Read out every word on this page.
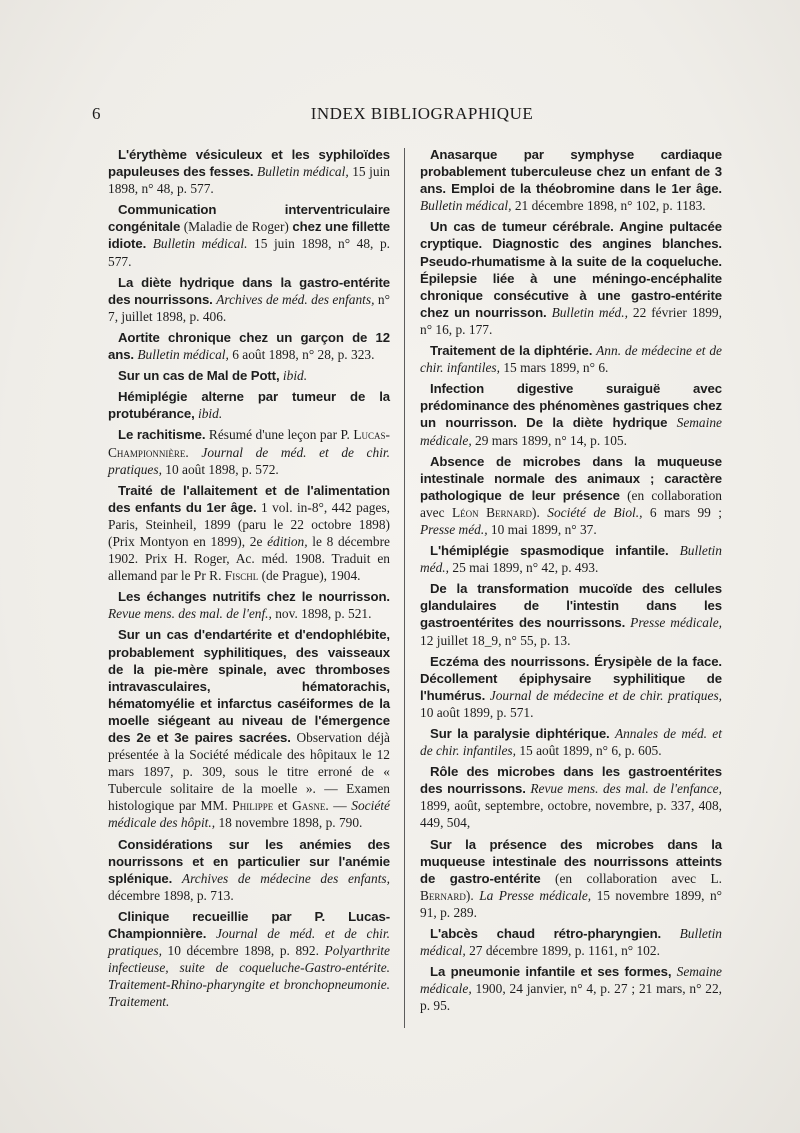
6	INDEX BIBLIOGRAPHIQUE

L'érythème vésiculeux et les syphiloïdes papuleuses des fesses. Bulletin médical, 15 juin 1898, n° 48, p. 577.

Communication interventriculaire congénitale (Maladie de Roger) chez une fillette idiote. Bulletin médical. 15 juin 1898, n° 48, p. 577.

La diète hydrique dans la gastro-entérite des nourrissons. Archives de méd. des enfants, n° 7, juillet 1898, p. 406.

Aortite chronique chez un garçon de 12 ans. Bulletin médical, 6 août 1898, n° 28, p. 323.

Sur un cas de Mal de Pott, ibid.

Hémiplégie alterne par tumeur de la protubérance, ibid.

Le rachitisme. Résumé d'une leçon par P. Lucas-Championnière. Journal de méd. et de chir. pratiques, 10 août 1898, p. 572.

Traité de l'allaitement et de l'alimentation des enfants du 1er âge. 1 vol. in-8°, 442 pages, Paris, Steinheil, 1899 (paru le 22 octobre 1898) (Prix Montyon en 1899), 2e édition, le 8 décembre 1902. Prix H. Roger, Ac. méd. 1908. Traduit en allemand par le Pr R. Fischl (de Prague), 1904.

Les échanges nutritifs chez le nourrisson. Revue mens. des mal. de l'enf., nov. 1898, p. 521.

Sur un cas d'endartérite et d'endophlébite, probablement syphilitiques, des vaisseaux de la pie-mère spinale, avec thromboses intravasculaires, hématorachis, hématomyélie et infarctus caséiformes de la moelle siégeant au niveau de l'émergence des 2e et 3e paires sacrées. Observation déjà présentée à la Société médicale des hôpitaux le 12 mars 1897, p. 309, sous le titre erroné de « Tubercule solitaire de la moelle ». — Examen histologique par MM. Philippe et Gasne. — Société médicale des hôpit., 18 novembre 1898, p. 790.

Considérations sur les anémies des nourrissons et en particulier sur l'anémie splénique. Archives de médecine des enfants, décembre 1898, p. 713.

Clinique recueillie par P. Lucas-Championnière. Journal de méd. et de chir. pratiques, 10 décembre 1898, p. 892. Polyarthrite infectieuse, suite de coqueluche-Gastro-entérite. Traitement-Rhino-pharyngite et bronchopneumonie. Traitement.

Anasarque par symphyse cardiaque probablement tuberculeuse chez un enfant de 3 ans. Emploi de la théobromine dans le 1er âge. Bulletin médical, 21 décembre 1898, n° 102, p. 1183.

Un cas de tumeur cérébrale. Angine pultacée cryptique. Diagnostic des angines blanches. Pseudo-rhumatisme à la suite de la coqueluche. Épilepsie liée à une méningo-encéphalite chronique consécutive à une gastro-entérite chez un nourrisson. Bulletin méd., 22 février 1899, n° 16, p. 177.

Traitement de la diphtérie. Ann. de médecine et de chir. infantiles, 15 mars 1899, n° 6.

Infection digestive suraiguë avec prédominance des phénomènes gastriques chez un nourrisson. De la diète hydrique Semaine médicale, 29 mars 1899, n° 14, p. 105.

Absence de microbes dans la muqueuse intestinale normale des animaux ; caractère pathologique de leur présence (en collaboration avec Léon Bernard). Société de Biol., 6 mars 99 ; Presse méd., 10 mai 1899, n° 37.

L'hémiplégie spasmodique infantile. Bulletin méd., 25 mai 1899, n° 42, p. 493.

De la transformation mucoïde des cellules glandulaires de l'intestin dans les gastroentérites des nourrissons. Presse médicale, 12 juillet 18_9, n° 55, p. 13.

Eczéma des nourrissons. Érysipèle de la face. Décollement épiphysaire syphilitique de l'humérus. Journal de médecine et de chir. pratiques, 10 août 1899, p. 571.

Sur la paralysie diphtérique. Annales de méd. et de chir. infantiles, 15 août 1899, n° 6, p. 605.

Rôle des microbes dans les gastroentérites des nourrissons. Revue mens. des mal. de l'enfance, 1899, août, septembre, octobre, novembre, p. 337, 408, 449, 504,

Sur la présence des microbes dans la muqueuse intestinale des nourrissons atteints de gastro-entérite (en collaboration avec L. Bernard). La Presse médicale, 15 novembre 1899, n° 91, p. 289.

L'abcès chaud rétro-pharyngien. Bulletin médical, 27 décembre 1899, p. 1161, n° 102.

La pneumonie infantile et ses formes, Semaine médicale, 1900, 24 janvier, n° 4, p. 27 ; 21 mars, n° 22, p. 95.
